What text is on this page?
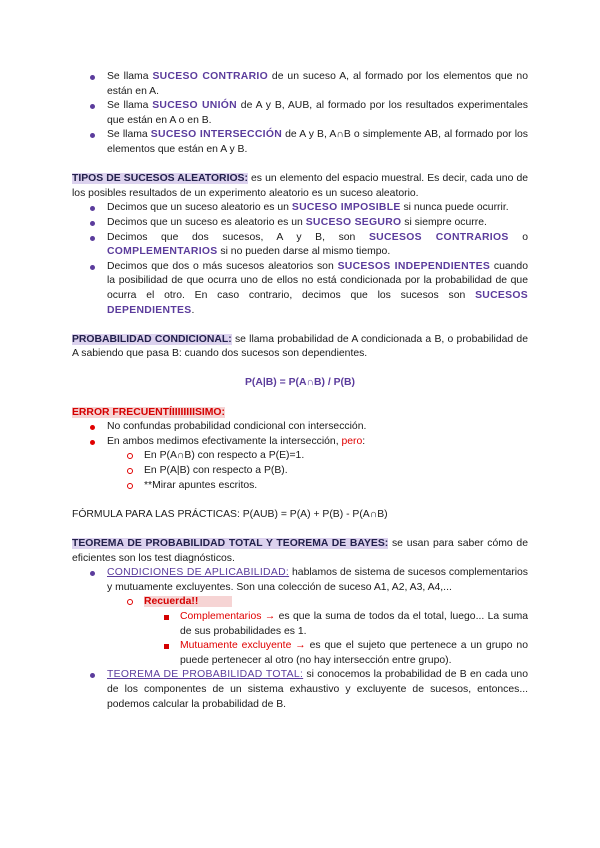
Se llama SUCESO CONTRARIO de un suceso A, al formado por los elementos que no están en A.
Se llama SUCESO UNIÓN de A y B, AUB, al formado por los resultados experimentales que están en A o en B.
Se llama SUCESO INTERSECCIÓN de A y B, A∩B o simplemente AB, al formado por los elementos que están en A y B.

TIPOS DE SUCESOS ALEATORIOS: es un elemento del espacio muestral. Es decir, cada uno de los posibles resultados de un experimento aleatorio es un suceso aleatorio.

Decimos que un suceso aleatorio es un SUCESO IMPOSIBLE si nunca puede ocurrir.
Decimos que un suceso es aleatorio es un SUCESO SEGURO si siempre ocurre.
Decimos que dos sucesos, A y B, son SUCESOS CONTRARIOS o COMPLEMENTARIOS si no pueden darse al mismo tiempo.
Decimos que dos o más sucesos aleatorios son SUCESOS INDEPENDIENTES cuando la posibilidad de que ocurra uno de ellos no está condicionada por la probabilidad de que ocurra el otro. En caso contrario, decimos que los sucesos son SUCESOS DEPENDIENTES.

PROBABILIDAD CONDICIONAL: se llama probabilidad de A condicionada a B, o probabilidad de A sabiendo que pasa B: cuando dos sucesos son dependientes.

P(A|B) = P(A∩B) / P(B)

ERROR FRECUENTÍIIIIIIIISIMO:

No confundas probabilidad condicional con intersección.
En ambos medimos efectivamente la intersección, pero:
En P(A∩B) con respecto a P(E)=1.
En P(A|B) con respecto a P(B).
**Mirar apuntes escritos.

FÓRMULA PARA LAS PRÁCTICAS: P(AUB) = P(A) + P(B) - P(A∩B)

TEOREMA DE PROBABILIDAD TOTAL Y TEOREMA DE BAYES: se usan para saber cómo de eficientes son los test diagnósticos.

CONDICIONES DE APLICABILIDAD: hablamos de sistema de sucesos complementarios y mutuamente excluyentes. Son una colección de suceso A1, A2, A3, A4,...
Recuerda!!
Complementarios → es que la suma de todos da el total, luego... La suma de sus probabilidades es 1.
Mutuamente excluyente → es que el sujeto que pertenece a un grupo no puede pertenecer al otro (no hay intersección entre grupo).
TEOREMA DE PROBABILIDAD TOTAL: si conocemos la probabilidad de B en cada uno de los componentes de un sistema exhaustivo y excluyente de sucesos, entonces... podemos calcular la probabilidad de B.
